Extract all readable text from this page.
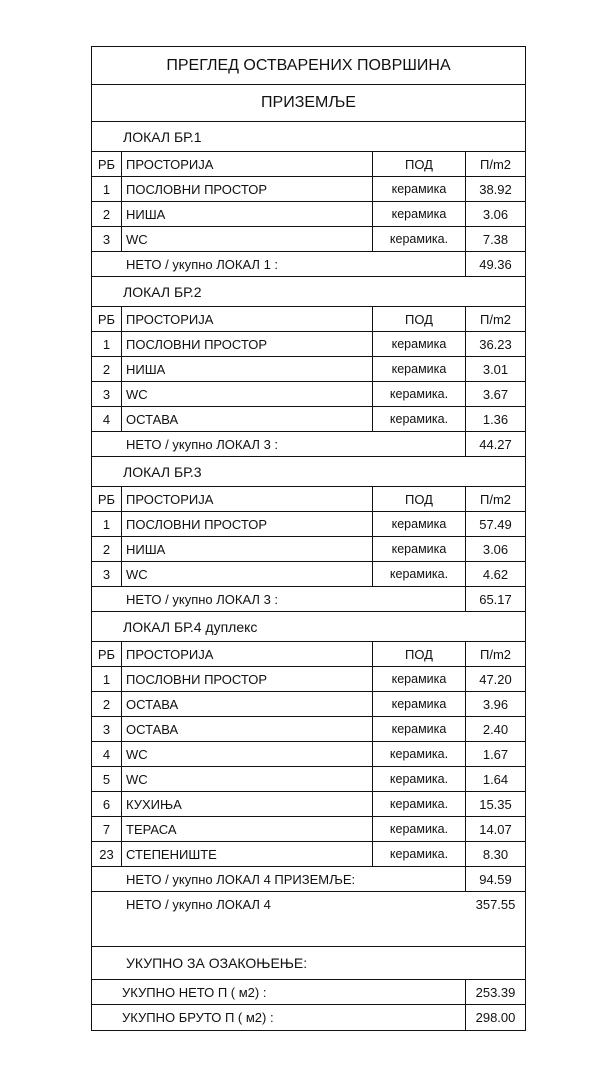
ПРЕГЛЕД ОСТВАРЕНИХ ПОВРШИНА
ПРИЗЕМЉЕ
ЛОКАЛ БР.1
РБ ПРОСТОРИЈА	ПОД	П/m2
1	ПОСЛОВНИ ПРОСТОР	керамика	38.92
2	НИША	керамика	3.06
3	WC	керамика.	7.38
НЕТО / укупно ЛОКАЛ 1 :	49.36
ЛОКАЛ БР.2
РБ ПРОСТОРИЈА	ПОД	П/m2
1	ПОСЛОВНИ ПРОСТОР	керамика	36.23
2	НИША	керамика	3.01
3	WC	керамика.	3.67
4	ОСТАВА	керамика.	1.36
НЕТО / укупно ЛОКАЛ 3 :	44.27
ЛОКАЛ БР.3
РБ ПРОСТОРИЈА	ПОД	П/m2
1	ПОСЛОВНИ ПРОСТОР	керамика	57.49
2	НИША	керамика	3.06
3	WC	керамика.	4.62
НЕТО / укупно ЛОКАЛ 3 :	65.17
ЛОКАЛ БР.4 дуплекс
РБ ПРОСТОРИЈА	ПОД	П/m2
1	ПОСЛОВНИ ПРОСТОР	керамика	47.20
2	ОСТАВА	керамика	3.96
3	ОСТАВА	керамика	2.40
4	WC	керамика.	1.67
5	WC	керамика.	1.64
6	КУХИЊА	керамика.	15.35
7	ТЕРАСА	керамика.	14.07
23 СТЕПЕНИШТЕ	керамика.	8.30
НЕТО / укупно ЛОКАЛ 4 ПРИЗЕМЉЕ:	94.59
НЕТО / укупно ЛОКАЛ 4	357.55
УКУПНО ЗА ОЗАКОЊЕЊЕ:
УКУПНО НЕТО П ( м2) :	253.39
УКУПНО БРУТО П ( м2) :	298.00
